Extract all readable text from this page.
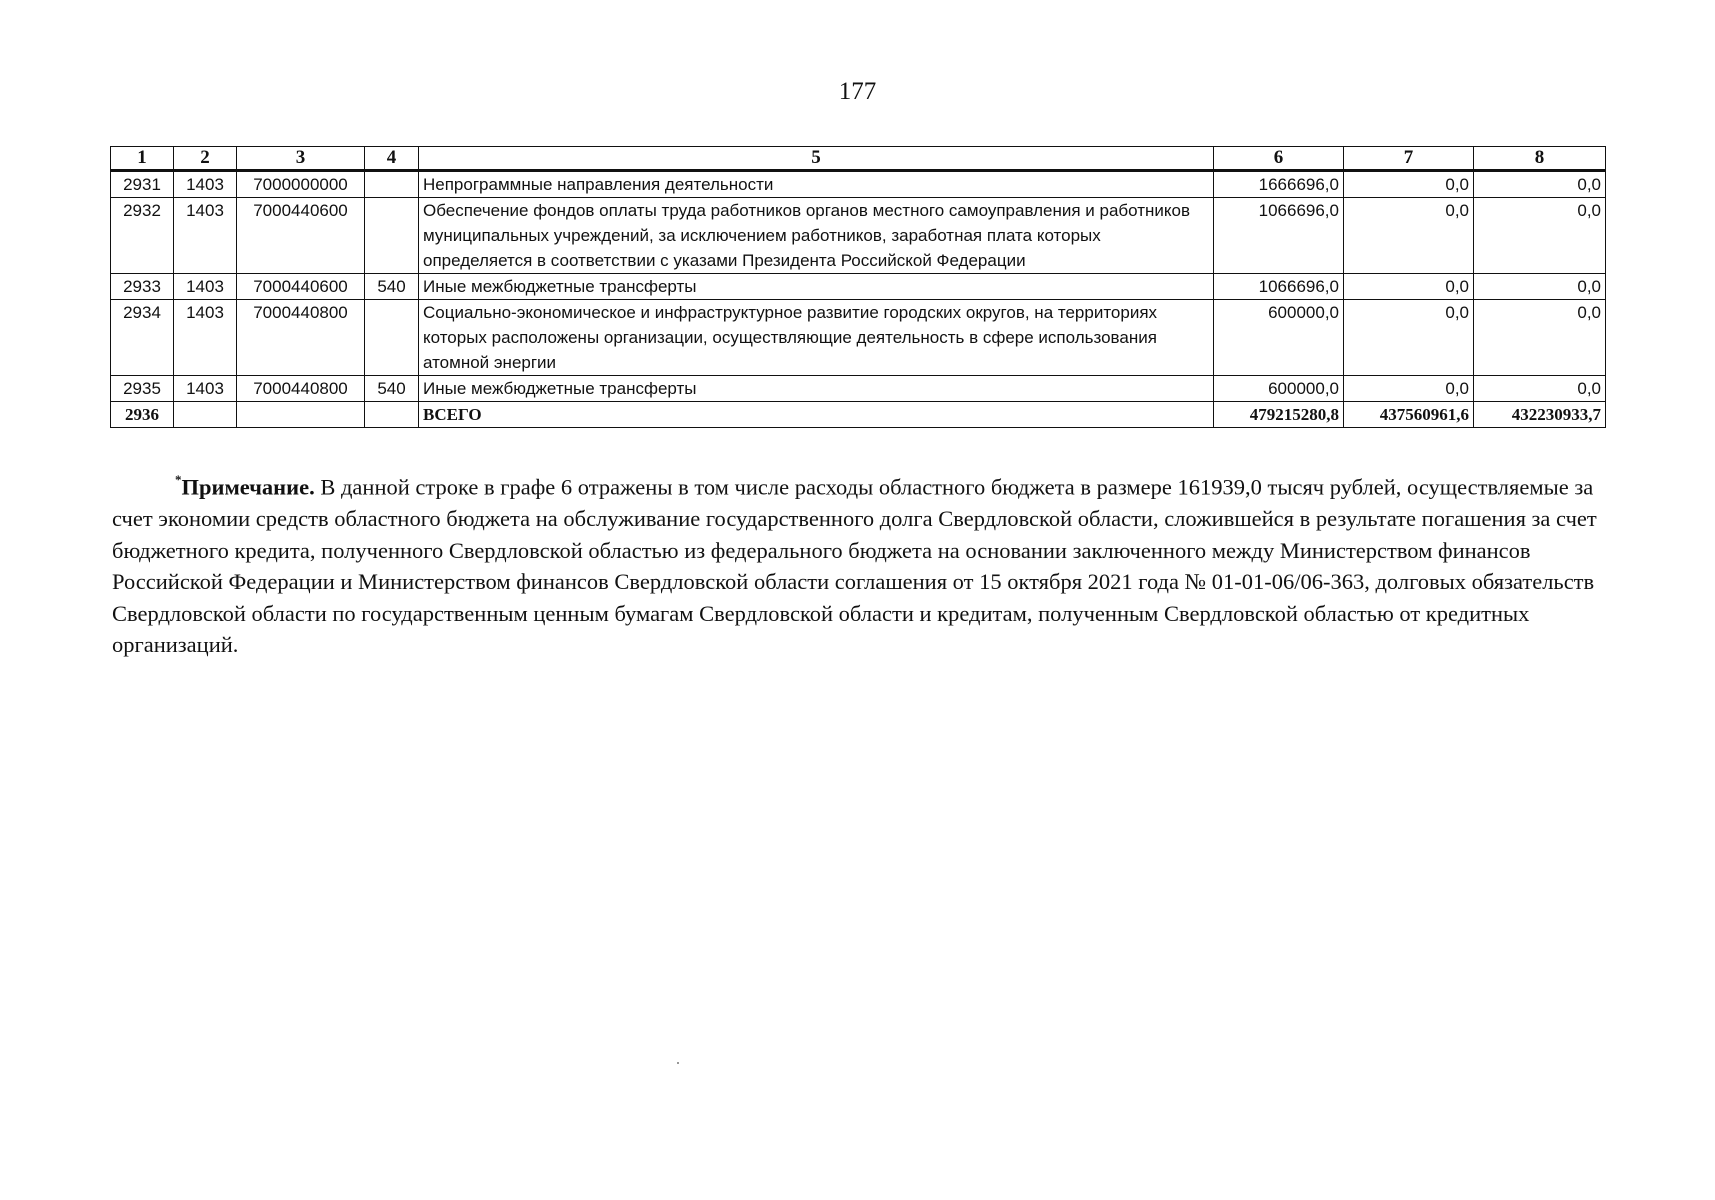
177
1	2	3	4	5	6	7	8
2931	1403	7000000000		Непрограммные направления деятельности	1666696,0	0,0	0,0
2932	1403	7000440600		Обеспечение фондов оплаты труда работников органов местного самоуправления и работников муниципальных учреждений, за исключением работников, заработная плата которых определяется в соответствии с указами Президента Российской Федерации	1066696,0	0,0	0,0
2933	1403	7000440600	540	Иные межбюджетные трансферты	1066696,0	0,0	0,0
2934	1403	7000440800		Социально-экономическое и инфраструктурное развитие городских округов, на территориях которых расположены организации, осуществляющие деятельность в сфере использования атомной энергии	600000,0	0,0	0,0
2935	1403	7000440800	540	Иные межбюджетные трансферты	600000,0	0,0	0,0
2936				ВСЕГО	479215280,8	437560961,6	432230933,7
*Примечание. В данной строке в графе 6 отражены в том числе расходы областного бюджета в размере 161939,0 тысяч рублей, осуществляемые за счет экономии средств областного бюджета на обслуживание государственного долга Свердловской области, сложившейся в результате погашения за счет бюджетного кредита, полученного Свердловской областью из федерального бюджета на основании заключенного между Министерством финансов Российской Федерации и Министерством финансов Свердловской области соглашения от 15 октября 2021 года № 01-01-06/06-363, долговых обязательств Свердловской области по государственным ценным бумагам Свердловской области и кредитам, полученным Свердловской областью от кредитных организаций.
